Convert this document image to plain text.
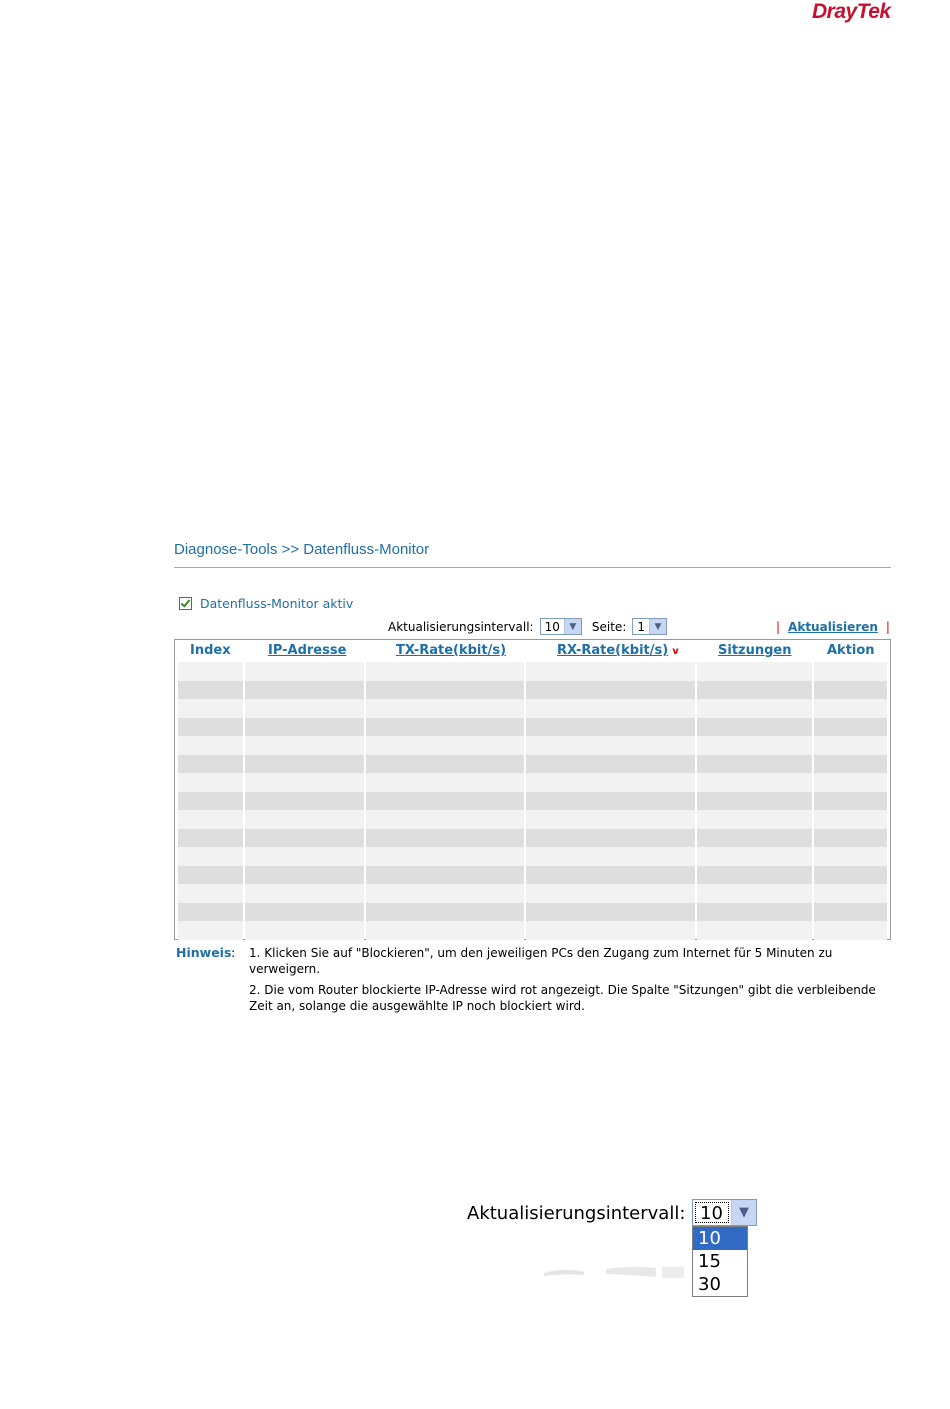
DrayTek
Diagnose-Tools >> Datenfluss-Monitor
Datenfluss-Monitor aktiv
Aktualisierungsintervall: 10	▼	Seite: 1	▼	| Aktualisieren |
Index	IP-Adresse	TX-Rate(kbit/s)	RX-Rate(kbit/s) v	Sitzungen	Aktion
Hinweis : 1. Klicken Sie auf "Blockieren", um den jeweiligen PCs den Zugang zum Internet für 5 Minuten zu verweigern.
2. Die vom Router blockierte IP-Adresse wird rot angezeigt. Die Spalte "Sitzungen" gibt die verbleibende Zeit an, solange die ausgewählte IP noch blockiert wird.
Aktualisierungsintervall: 10	▼
10
15
30
